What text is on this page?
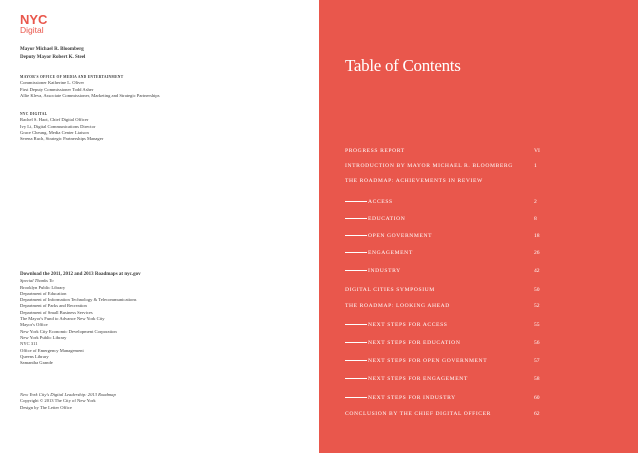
NYC
Digital
Mayor Michael R. Bloomberg
Deputy Mayor Robert K. Steel
MAYOR'S OFFICE OF MEDIA AND ENTERTAINMENT
Commissioner Katherine L. Oliver
First Deputy Commissioner Todd Asher
Allie Kleva, Associate Commissioner, Marketing and Strategic Partnerships
NYC DIGITAL
Rachel S. Haot, Chief Digital Officer
Ivy Li, Digital Communications Director
Grace Cheung, Media Center Liaison
Serena Ruch, Strategic Partnerships Manager
Download the 2011, 2012 and 2013 Roadmaps at nyc.gov
Special Thanks To
Brooklyn Public Library
Department of Education
Department of Information Technology & Telecommunications
Department of Parks and Recreation
Department of Small Business Services
The Mayor's Fund to Advance New York City
Mayor's Office
New York City Economic Development Corporation
New York Public Library
NYC 311
Office of Emergency Management
Queens Library
Samantha Grande
New York City's Digital Leadership: 2013 Roadmap
Copyright © 2013 The City of New York
Design by The Letter Office
Table of Contents
PROGRESS REPORT	VI
INTRODUCTION BY MAYOR MICHAEL R. BLOOMBERG	1
THE ROADMAP: ACHIEVEMENTS IN REVIEW
ACCESS	2
EDUCATION	8
OPEN GOVERNMENT	18
ENGAGEMENT	26
INDUSTRY	42
DIGITAL CITIES SYMPOSIUM	50
THE ROADMAP: LOOKING AHEAD	52
NEXT STEPS FOR ACCESS	55
NEXT STEPS FOR EDUCATION	56
NEXT STEPS FOR OPEN GOVERNMENT	57
NEXT STEPS FOR ENGAGEMENT	58
NEXT STEPS FOR INDUSTRY	60
CONCLUSION BY THE CHIEF DIGITAL OFFICER	62
